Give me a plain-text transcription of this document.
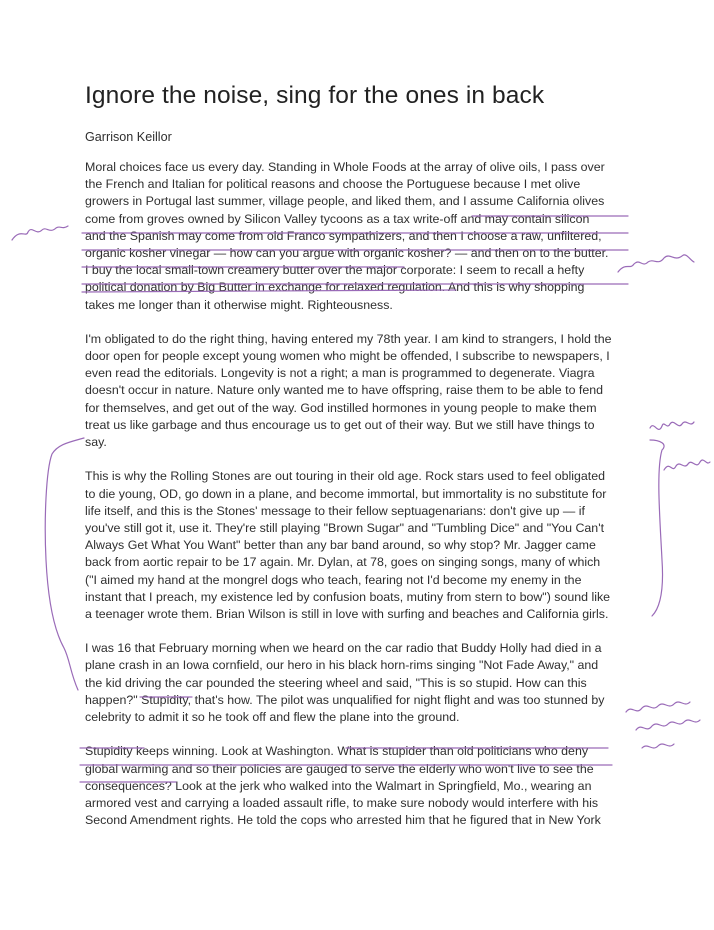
Ignore the noise, sing for the ones in back
Garrison Keillor
Moral choices face us every day. Standing in Whole Foods at the array of olive oils, I pass over
the French and Italian for political reasons and choose the Portuguese because I met olive
growers in Portugal last summer, village people, and liked them, and I assume California olives
come from groves owned by Silicon Valley tycoons as a tax write-off and may contain silicon
and the Spanish may come from old Franco sympathizers, and then I choose a raw, unfiltered,
organic kosher vinegar — how can you argue with organic kosher? — and then on to the butter.
I buy the local small-town creamery butter over the major corporate: I seem to recall a hefty
political donation by Big Butter in exchange for relaxed regulation. And this is why shopping
takes me longer than it otherwise might. Righteousness.
I'm obligated to do the right thing, having entered my 78th year. I am kind to strangers, I hold the
door open for people except young women who might be offended, I subscribe to newspapers, I
even read the editorials. Longevity is not a right; a man is programmed to degenerate. Viagra
doesn't occur in nature. Nature only wanted me to have offspring, raise them to be able to fend
for themselves, and get out of the way. God instilled hormones in young people to make them
treat us like garbage and thus encourage us to get out of their way. But we still have things to
say.
This is why the Rolling Stones are out touring in their old age. Rock stars used to feel obligated
to die young, OD, go down in a plane, and become immortal, but immortality is no substitute for
life itself, and this is the Stones' message to their fellow septuagenarians: don't give up — if
you've still got it, use it. They're still playing "Brown Sugar" and "Tumbling Dice" and "You Can't
Always Get What You Want" better than any bar band around, so why stop? Mr. Jagger came
back from aortic repair to be 17 again. Mr. Dylan, at 78, goes on singing songs, many of which
("I aimed my hand at the mongrel dogs who teach, fearing not I'd become my enemy in the
instant that I preach, my existence led by confusion boats, mutiny from stern to bow") sound like
a teenager wrote them. Brian Wilson is still in love with surfing and beaches and California girls.
I was 16 that February morning when we heard on the car radio that Buddy Holly had died in a
plane crash in an Iowa cornfield, our hero in his black horn-rims singing "Not Fade Away," and
the kid driving the car pounded the steering wheel and said, "This is so stupid. How can this
happen?" Stupidity, that's how. The pilot was unqualified for night flight and was too stunned by
celebrity to admit it so he took off and flew the plane into the ground.
Stupidity keeps winning. Look at Washington. What is stupider than old politicians who deny
global warming and so their policies are gauged to serve the elderly who won't live to see the
consequences? Look at the jerk who walked into the Walmart in Springfield, Mo., wearing an
armored vest and carrying a loaded assault rifle, to make sure nobody would interfere with his
Second Amendment rights. He told the cops who arrested him that he figured that in New York
